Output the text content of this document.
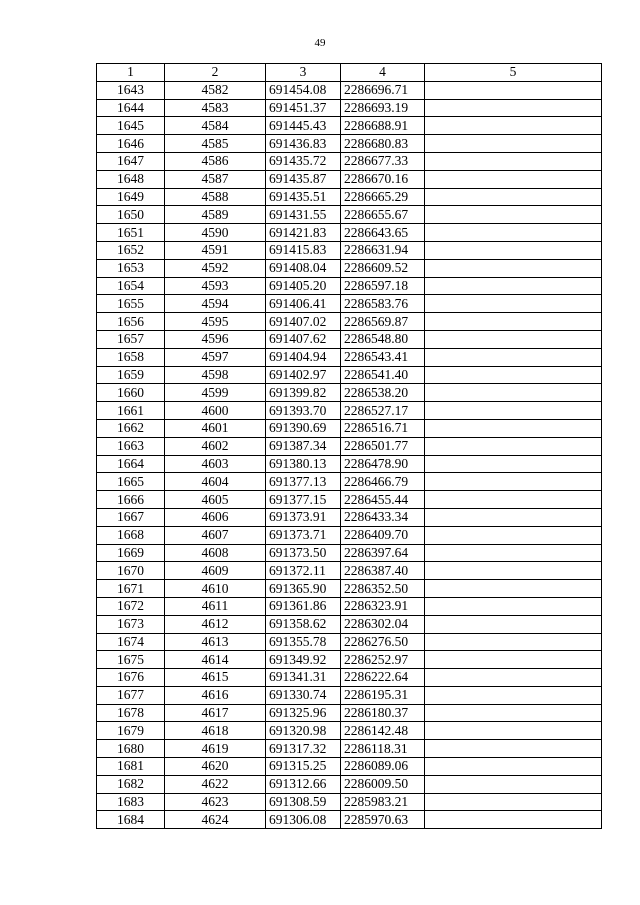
49
1	2	3	4	5
1643	4582	691454.08	2286696.71	
1644	4583	691451.37	2286693.19	
1645	4584	691445.43	2286688.91	
1646	4585	691436.83	2286680.83	
1647	4586	691435.72	2286677.33	
1648	4587	691435.87	2286670.16	
1649	4588	691435.51	2286665.29	
1650	4589	691431.55	2286655.67	
1651	4590	691421.83	2286643.65	
1652	4591	691415.83	2286631.94	
1653	4592	691408.04	2286609.52	
1654	4593	691405.20	2286597.18	
1655	4594	691406.41	2286583.76	
1656	4595	691407.02	2286569.87	
1657	4596	691407.62	2286548.80	
1658	4597	691404.94	2286543.41	
1659	4598	691402.97	2286541.40	
1660	4599	691399.82	2286538.20	
1661	4600	691393.70	2286527.17	
1662	4601	691390.69	2286516.71	
1663	4602	691387.34	2286501.77	
1664	4603	691380.13	2286478.90	
1665	4604	691377.13	2286466.79	
1666	4605	691377.15	2286455.44	
1667	4606	691373.91	2286433.34	
1668	4607	691373.71	2286409.70	
1669	4608	691373.50	2286397.64	
1670	4609	691372.11	2286387.40	
1671	4610	691365.90	2286352.50	
1672	4611	691361.86	2286323.91	
1673	4612	691358.62	2286302.04	
1674	4613	691355.78	2286276.50	
1675	4614	691349.92	2286252.97	
1676	4615	691341.31	2286222.64	
1677	4616	691330.74	2286195.31	
1678	4617	691325.96	2286180.37	
1679	4618	691320.98	2286142.48	
1680	4619	691317.32	2286118.31	
1681	4620	691315.25	2286089.06	
1682	4622	691312.66	2286009.50	
1683	4623	691308.59	2285983.21	
1684	4624	691306.08	2285970.63	
